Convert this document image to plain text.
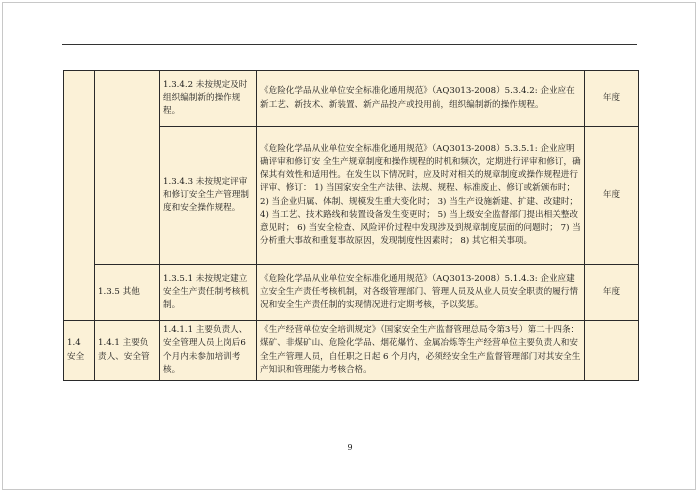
		1.3.4.2 未按规定及时组织编制新的操作规程。	《危险化学品从业单位安全标准化通用规范》（AQ3013-2008）5.3.4.2: 企业应在新工艺、新技术、新装置、新产品投产或投用前，组织编制新的操作规程。	年度
		1.3.4.3 未按规定评审和修订安全生产管理制度和安全操作规程。	《危险化学品从业单位安全标准化通用规范》（AQ3013-2008）5.3.5.1: 企业应明确评审和修订安 全生产规章制度和操作规程的时机和频次，定期进行评审和修订，确保其有效性和适用性。在发生以下情况时，应及时对相关的规章制度或操作规程进行评审、修订： 1) 当国家安全生产法律、法规、规程、标准废止、修订或新颁布时； 2) 当企业归属、体制、规模发生重大变化时； 3) 当生产设施新建、扩建、改建时； 4) 当工艺、技术路线和装置设备发生变更时； 5) 当上级安全监督部门提出相关整改意见时； 6) 当安全检查、风险评价过程中发现涉及到规章制度层面的问题时； 7) 当分析重大事故和重复事故原因，发现制度性因素时； 8) 其它相关事项。	年度
	1.3.5 其他	1.3.5.1 未按规定建立安全生产责任制考核机制。	《危险化学品从业单位安全标准化通用规范》（AQ3013-2008）5.1.4.3: 企业应建立安全生产责任考核机制，对各级管理部门、管理人员及从业人员安全职责的履行情况和安全生产责任制的实现情况进行定期考核，予以奖惩。	年度
1.4 安全	1.4.1 主要负责人、安全管	1.4.1.1 主要负责人、安全管理人员上岗后6个月内未参加培训考核。	《生产经营单位安全培训规定》（国家安全生产监督管理总局令第3号）第二十四条：煤矿、非煤矿山、危险化学品、烟花爆竹、金属冶炼等生产经营单位主要负责人和安全生产管理人员，自任职之日起 6 个月内，必须经安全生产监督管理部门对其安全生产知识和管理能力考核合格。	
9
